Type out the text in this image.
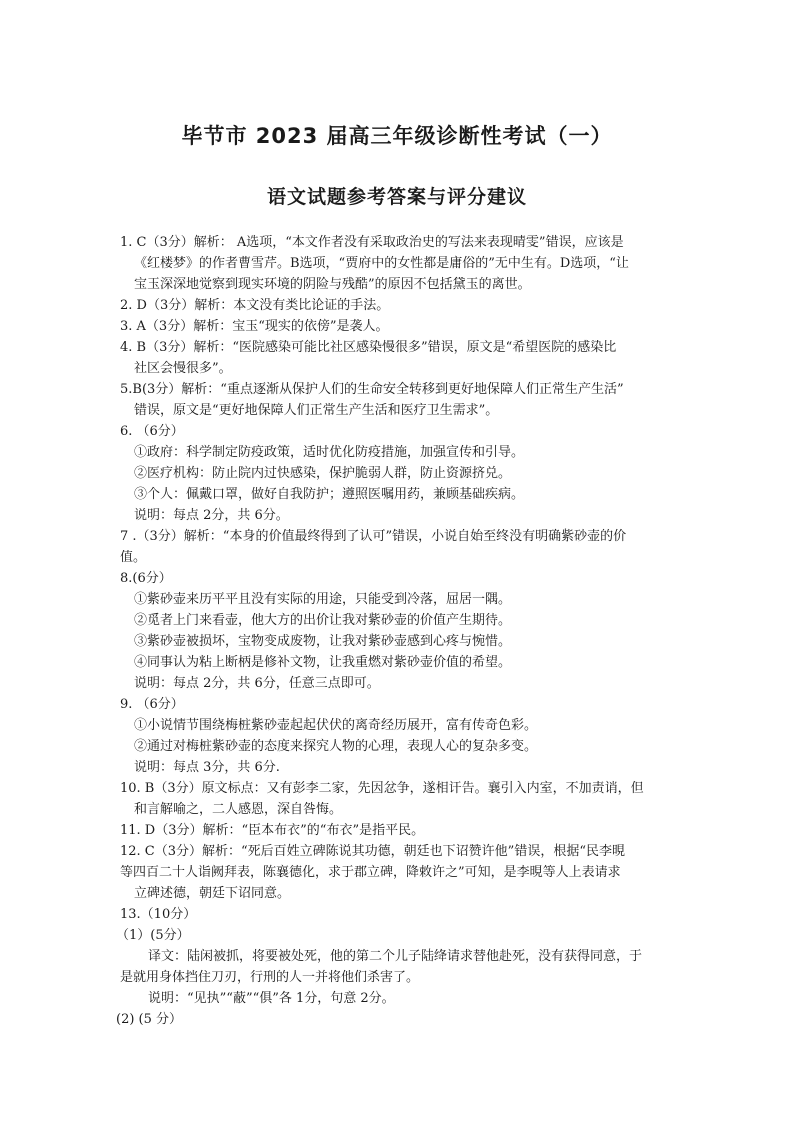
毕节市 2023 届高三年级诊断性考试（一）
语文试题参考答案与评分建议
1. C（3分）解析： A选项，“本文作者没有采取政治史的写法来表现晴雯”错误，应该是
《红楼梦》的作者曹雪芹。B选项，“贾府中的女性都是庸俗的”无中生有。D选项，“让
宝玉深深地觉察到现实环境的阴险与残酷”的原因不包括黛玉的离世。
2. D（3分）解析：本文没有类比论证的手法。
3. A（3分）解析：宝玉“现实的依傍”是袭人。
4. B（3分）解析：“医院感染可能比社区感染慢很多”错误，原文是“希望医院的感染比
社区会慢很多”。
5.B(3分）解析：“重点逐渐从保护人们的生命安全转移到更好地保障人们正常生产生活”
错误，原文是“更好地保障人们正常生产生活和医疗卫生需求”。
6. （6分）
①政府：科学制定防疫政策，适时优化防疫措施，加强宣传和引导。
②医疗机构：防止院内过快感染，保护脆弱人群，防止资源挤兑。
③个人：佩戴口罩，做好自我防护；遵照医嘱用药，兼顾基础疾病。
说明：每点 2分，共 6分。
7 .（3分）解析：“本身的价值最终得到了认可”错误，小说自始至终没有明确紫砂壶的价
值。
8.(6分）
①紫砂壶来历平平且没有实际的用途，只能受到冷落，屈居一隅。
②觅者上门来看壶，他大方的出价让我对紫砂壶的价值产生期待。
③紫砂壶被损坏，宝物变成废物，让我对紫砂壶感到心疼与惋惜。
④同事认为粘上断柄是修补文物，让我重燃对紫砂壶价值的希望。
说明：每点 2分，共 6分，任意三点即可。
9. （6分）
①小说情节围绕梅桩紫砂壶起起伏伏的离奇经历展开，富有传奇色彩。
②通过对梅桩紫砂壶的态度来探究人物的心理，表现人心的复杂多变。
说明：每点 3分，共 6分.
10. B（3分）原文标点：又有彭李二家，先因忿争，遂相讦告。襄引入内室，不加责诮，但
和言解喻之，二人感恩，深自咎悔。
11. D（3分）解析：“臣本布衣”的“布衣”是指平民。
12. C（3分）解析：“死后百姓立碑陈说其功德，朝廷也下诏赞许他”错误，根据“民李晛
等四百二十人诣阙拜表，陈襄德化，求于郡立碑，降敕许之”可知，是李晛等人上表请求
立碑述德，朝廷下诏同意。
13.（10分）
（1）(5分）
译文：陆闲被抓，将要被处死，他的第二个儿子陆绛请求替他赴死，没有获得同意，于
是就用身体挡住刀刃，行刑的人一并将他们杀害了。
说明：“见执”“蔽”“俱”各 1分，句意 2分。
(2) (5 分）
